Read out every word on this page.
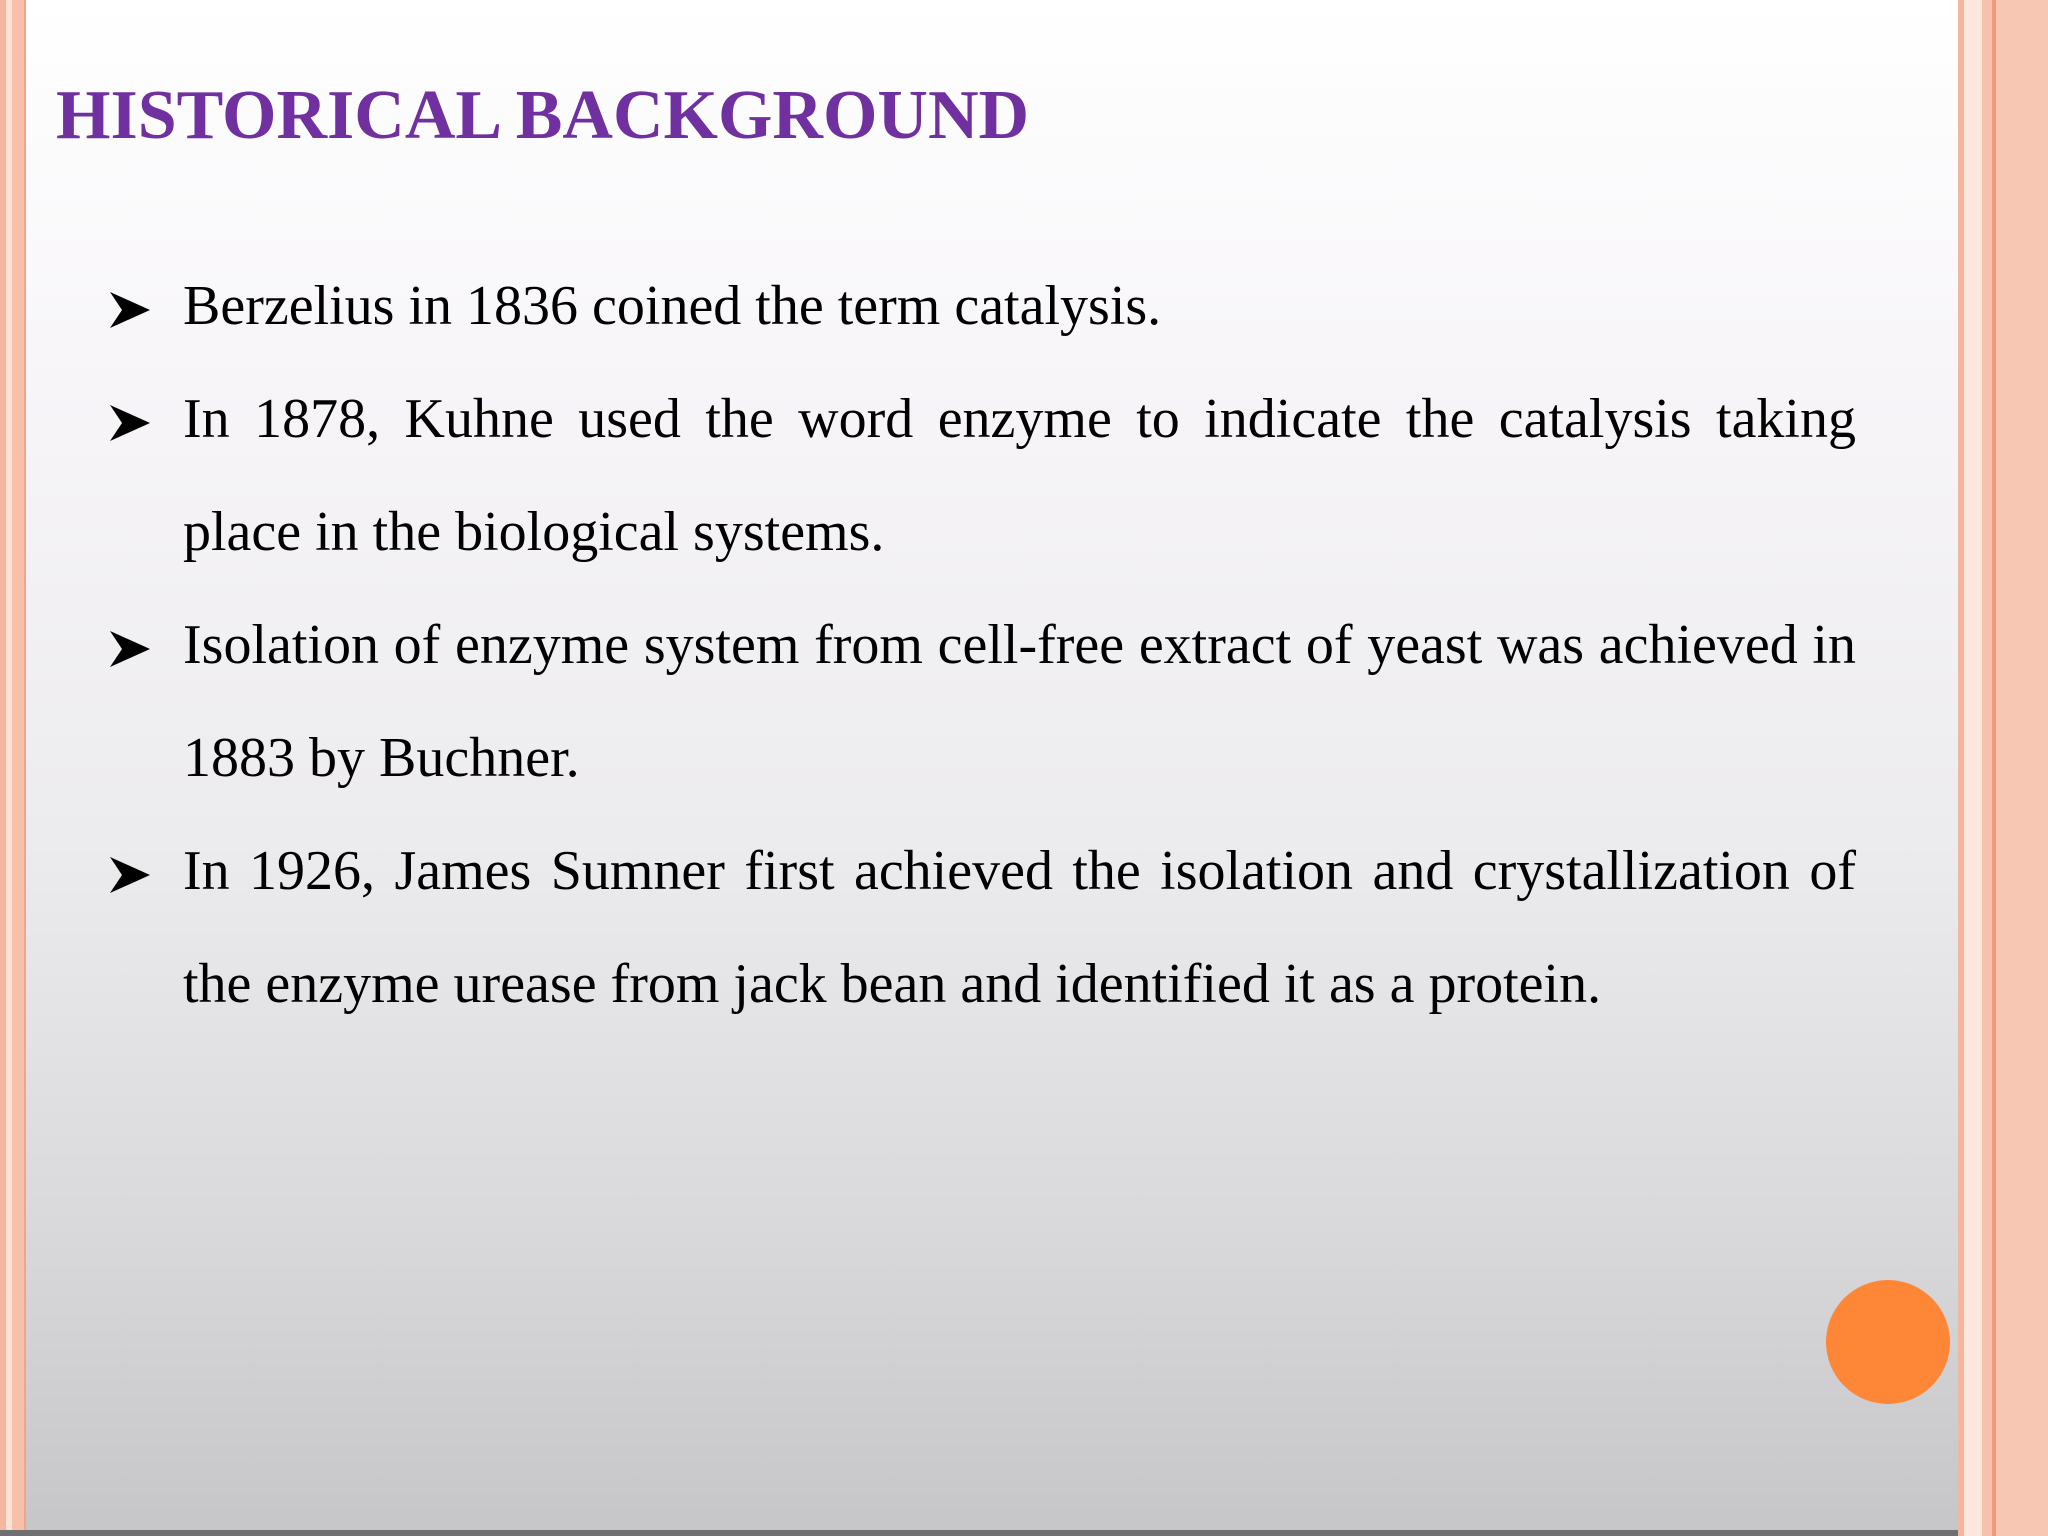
HISTORICAL BACKGROUND
Berzelius in 1836 coined the term catalysis.
In 1878, Kuhne used the word enzyme to indicate the catalysis taking place in the biological systems.
Isolation of enzyme system from cell-free extract of yeast was achieved in 1883 by Buchner.
In 1926, James Sumner first achieved the isolation and crystallization of the enzyme urease from jack bean and identified it as a protein.
